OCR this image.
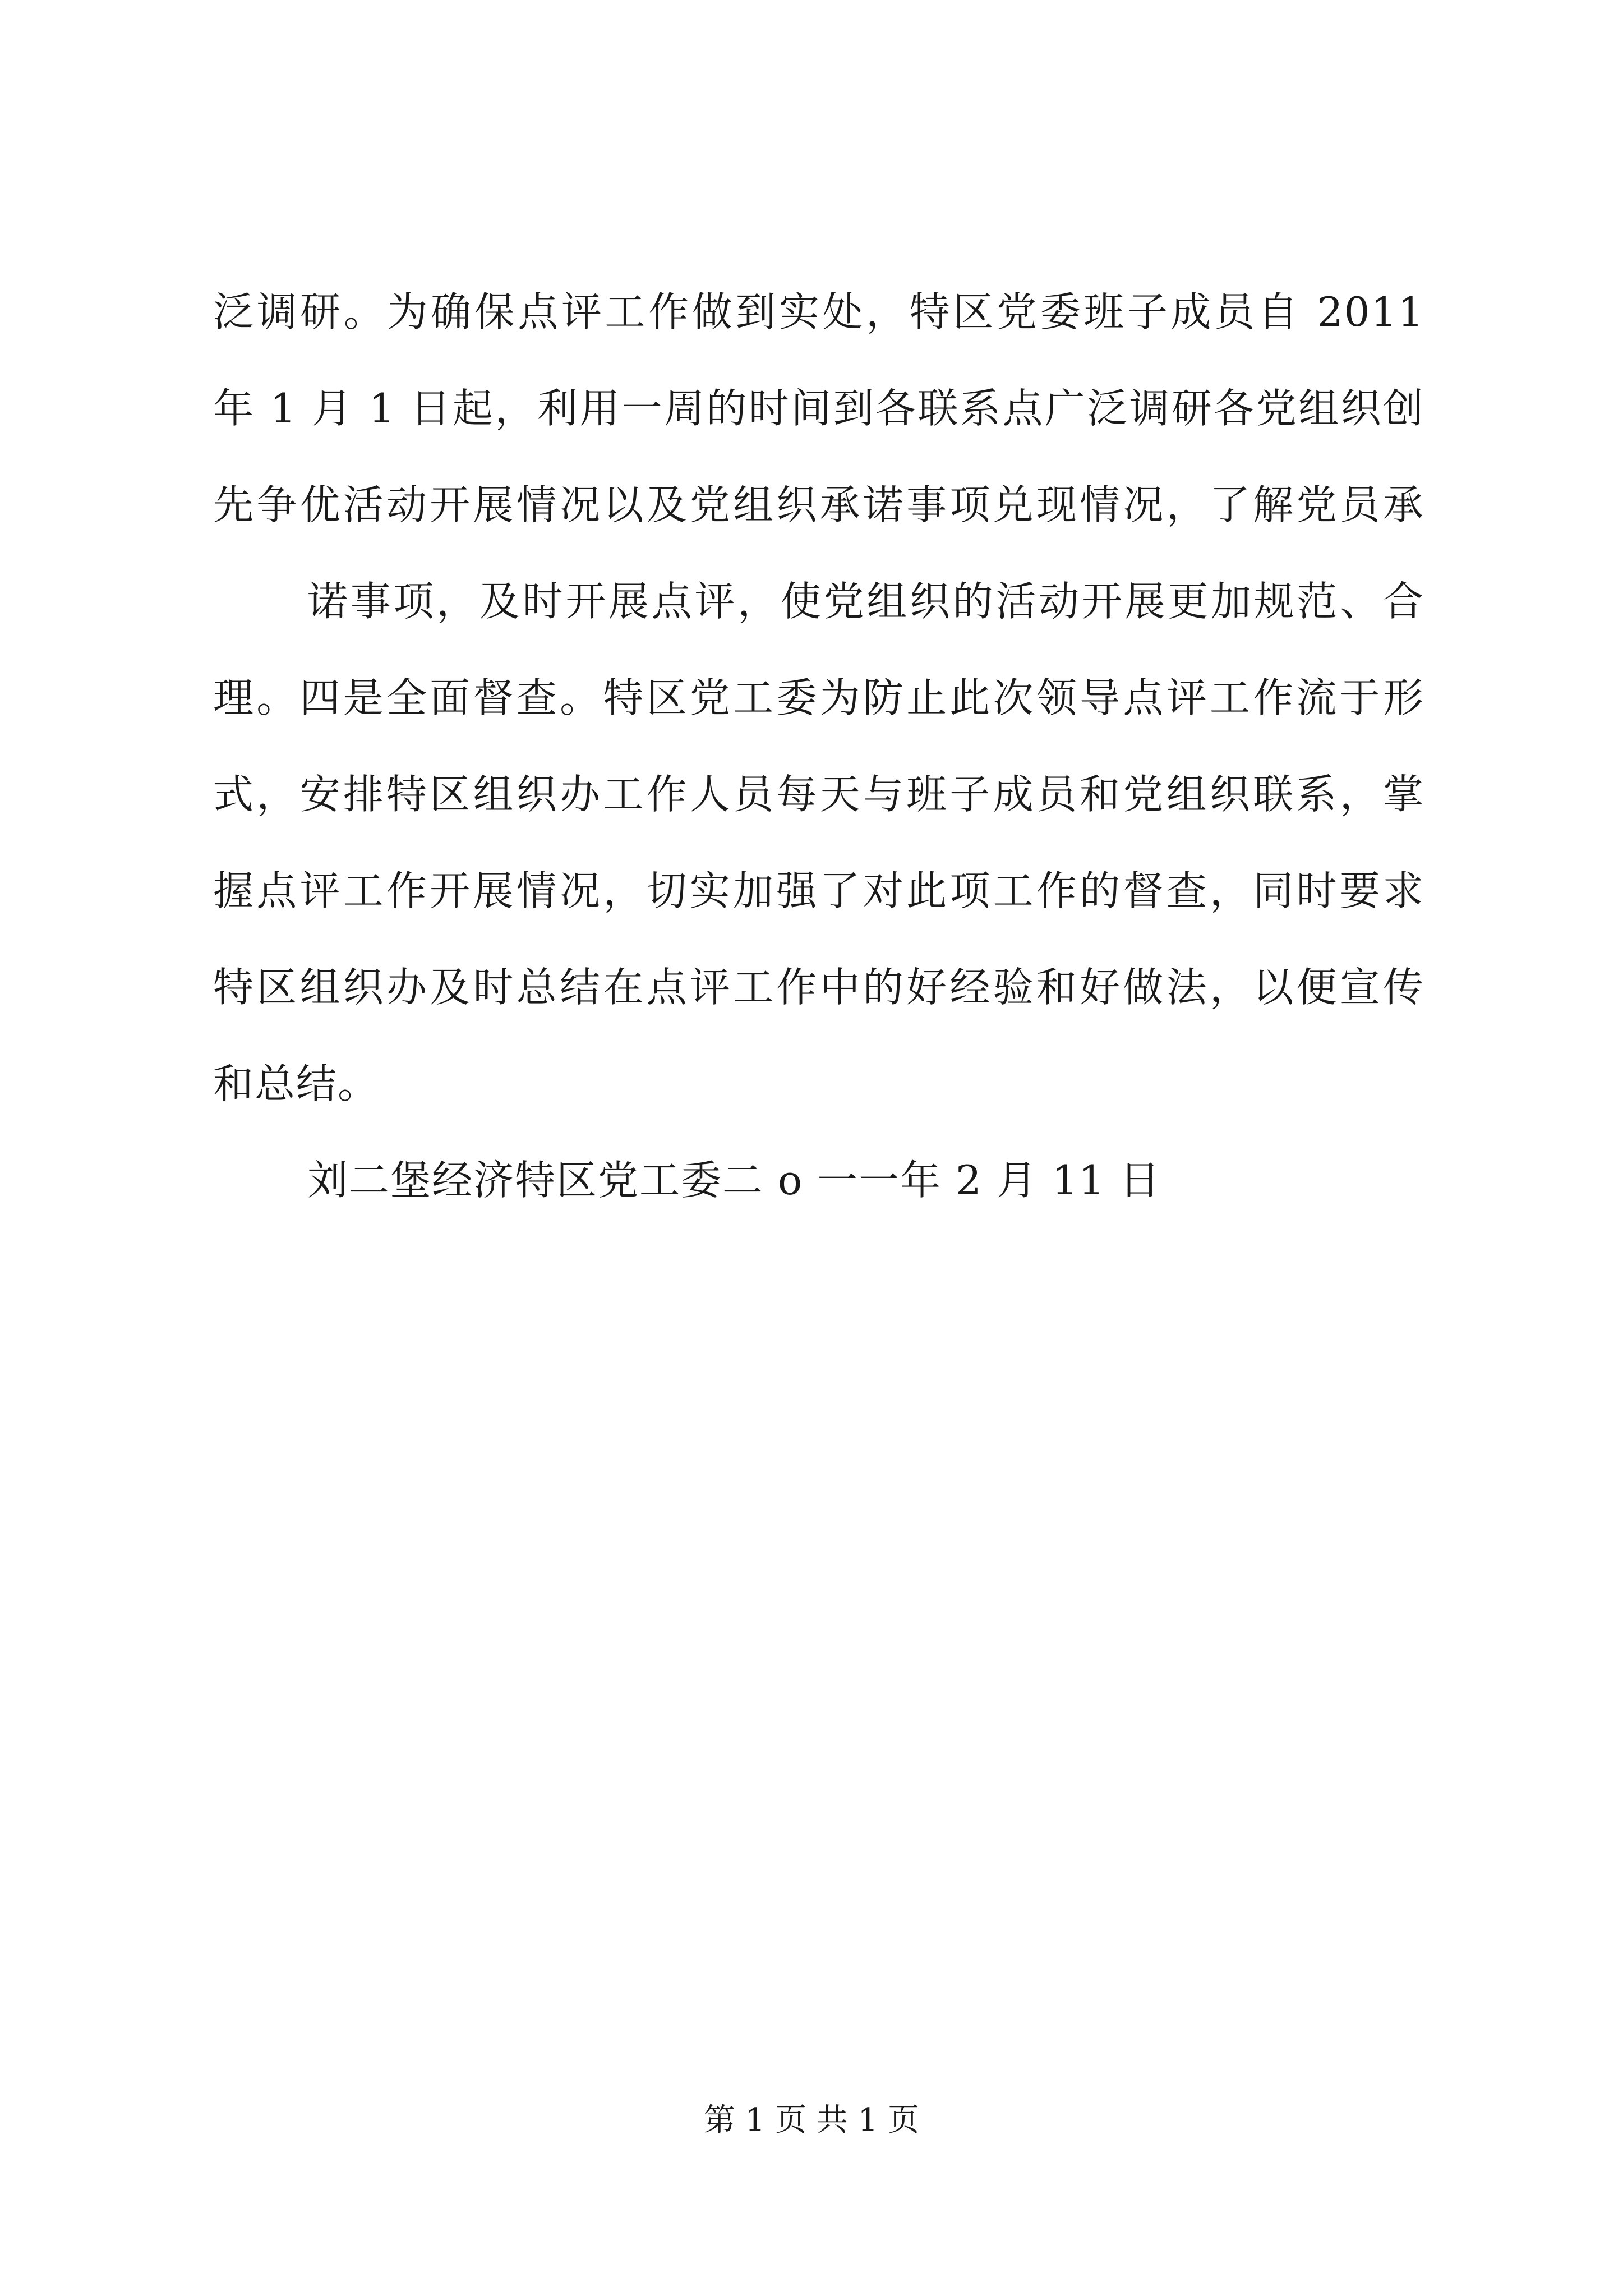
泛调研。为确保点评工作做到实处，特区党委班子成员自 2011
年 1 月 1 日起，利用一周的时间到各联系点广泛调研各党组织创
先争优活动开展情况以及党组织承诺事项兑现情况，了解党员承
诺事项，及时开展点评，使党组织的活动开展更加规范、合
理。四是全面督查。特区党工委为防止此次领导点评工作流于形
式，安排特区组织办工作人员每天与班子成员和党组织联系，掌
握点评工作开展情况，切实加强了对此项工作的督查，同时要求
特区组织办及时总结在点评工作中的好经验和好做法，以便宣传
和总结。
刘二堡经济特区党工委二 o 一一年 2 月 11 日
第 1 页 共 1 页
